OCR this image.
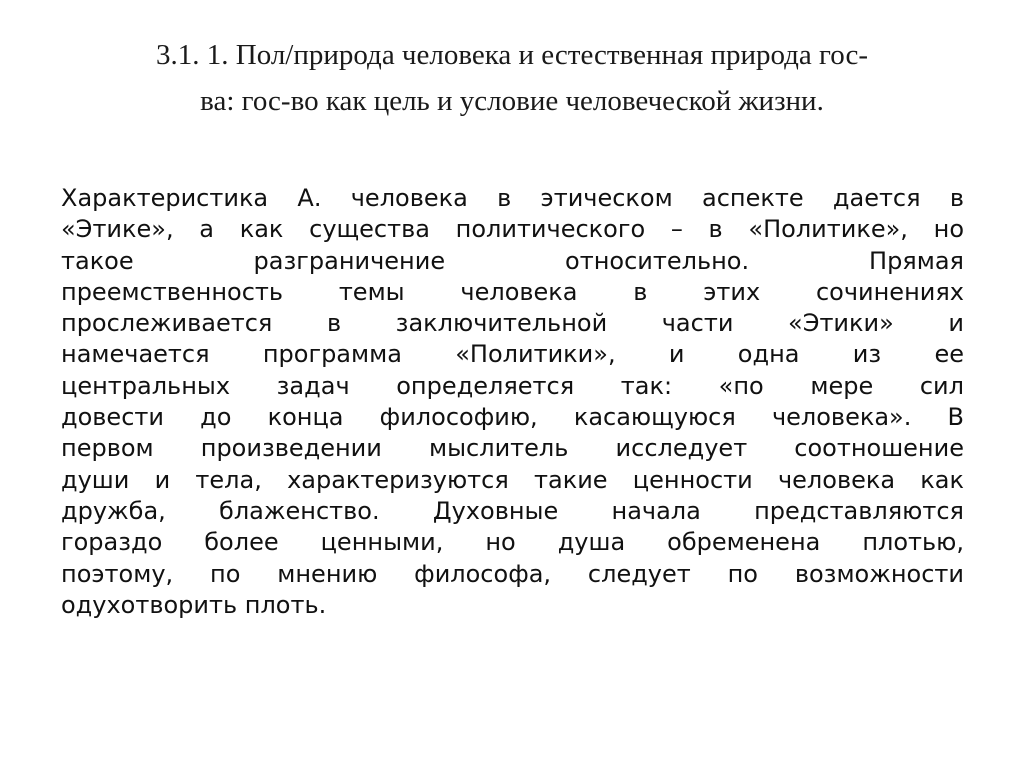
3.1. 1. Пол/природа человека и естественная природа гос-
ва: гос-во как цель и условие человеческой жизни.
Характеристика А. человека в этическом аспекте дается в
«Этике», а как существа политического – в «Политике», но
такое разграничение относительно. Прямая
преемственность темы человека в этих сочинениях
прослеживается в заключительной части «Этики» и
намечается программа «Политики», и одна из ее
центральных задач определяется так: «по мере сил
довести до конца философию, касающуюся человека». В
первом произведении мыслитель исследует соотношение
души и тела, характеризуются такие ценности человека как
дружба, блаженство. Духовные начала представляются
гораздо более ценными, но душа обременена плотью,
поэтому, по мнению философа, следует по возможности
одухотворить плоть.
